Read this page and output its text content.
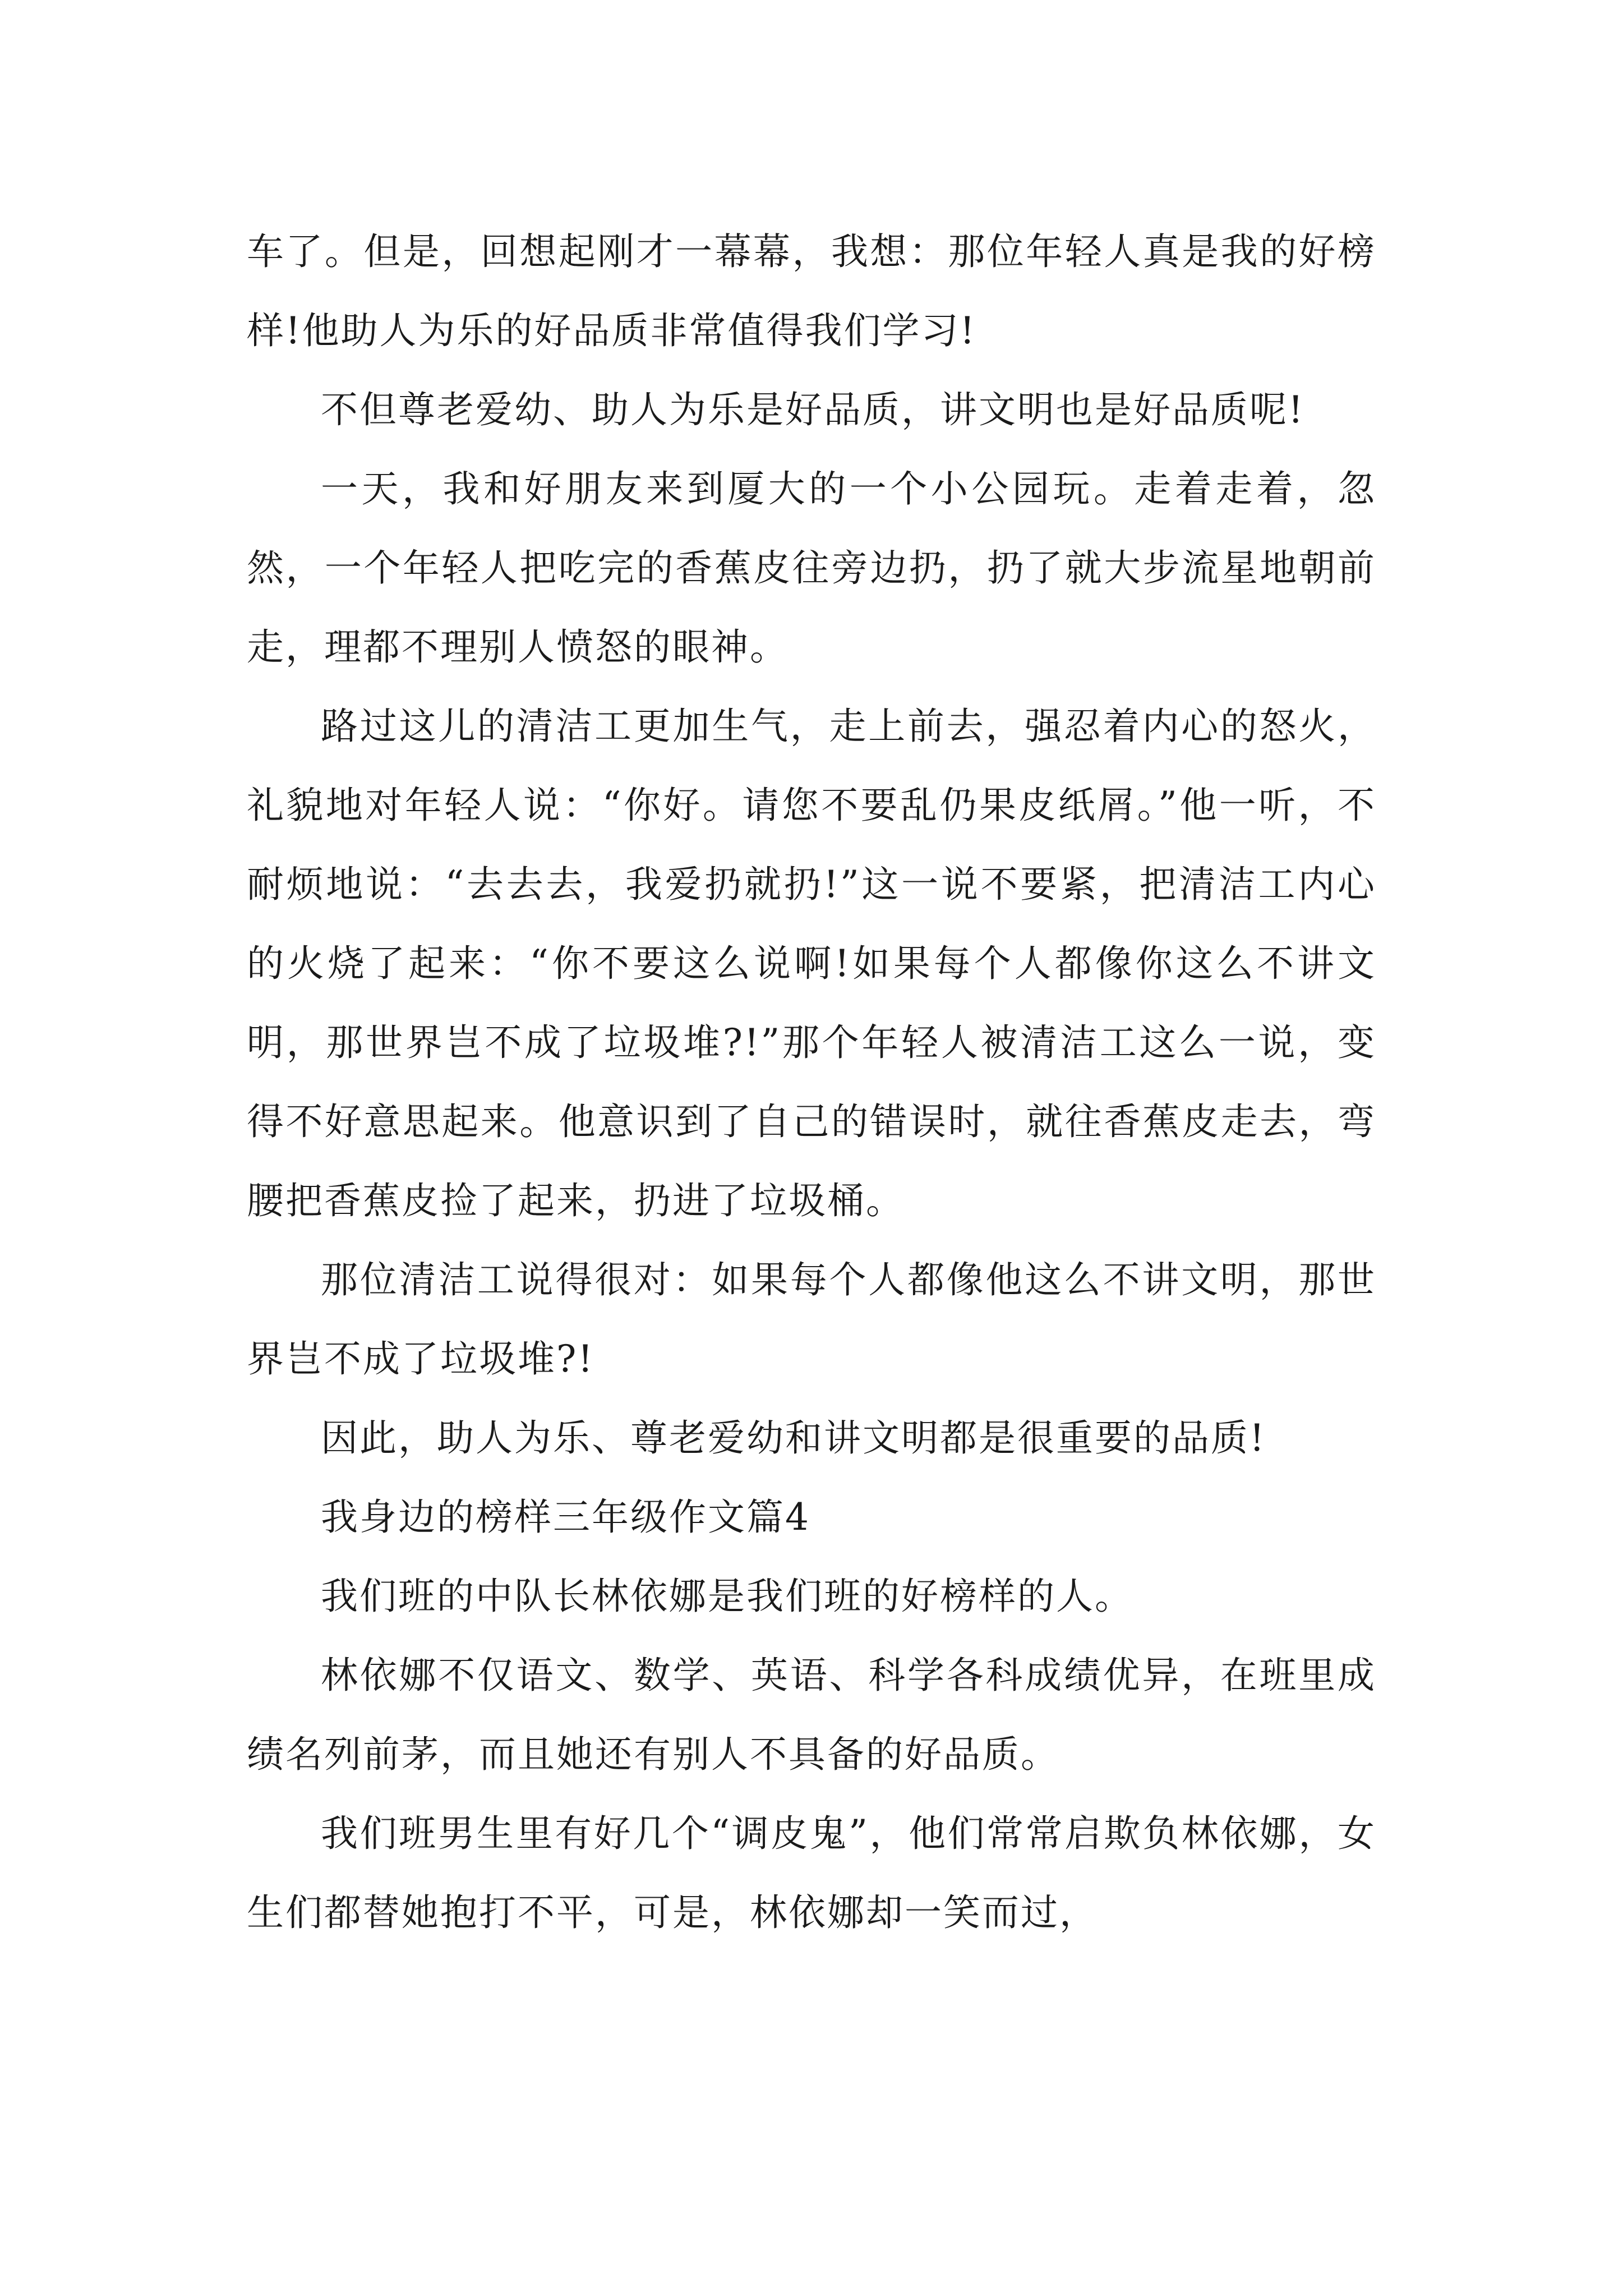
车了。但是，回想起刚才一幕幕，我想：那位年轻人真是我的好榜样!他助人为乐的好品质非常值得我们学习!

不但尊老爱幼、助人为乐是好品质，讲文明也是好品质呢!

一天，我和好朋友来到厦大的一个小公园玩。走着走着，忽然，一个年轻人把吃完的香蕉皮往旁边扔，扔了就大步流星地朝前走，理都不理别人愤怒的眼神。

路过这儿的清洁工更加生气，走上前去，强忍着内心的怒火，礼貌地对年轻人说：“你好。请您不要乱仍果皮纸屑。”他一听，不耐烦地说：“去去去，我爱扔就扔!”这一说不要紧，把清洁工内心的火烧了起来：“你不要这么说啊!如果每个人都像你这么不讲文明，那世界岂不成了垃圾堆?!”那个年轻人被清洁工这么一说，变得不好意思起来。他意识到了自己的错误时，就往香蕉皮走去，弯腰把香蕉皮捡了起来，扔进了垃圾桶。

那位清洁工说得很对：如果每个人都像他这么不讲文明，那世界岂不成了垃圾堆?!

因此，助人为乐、尊老爱幼和讲文明都是很重要的品质!

我身边的榜样三年级作文篇4

我们班的中队长林依娜是我们班的好榜样的人。

林依娜不仅语文、数学、英语、科学各科成绩优异，在班里成绩名列前茅，而且她还有别人不具备的好品质。

我们班男生里有好几个“调皮鬼”，他们常常启欺负林依娜，女生们都替她抱打不平，可是，林依娜却一笑而过，
